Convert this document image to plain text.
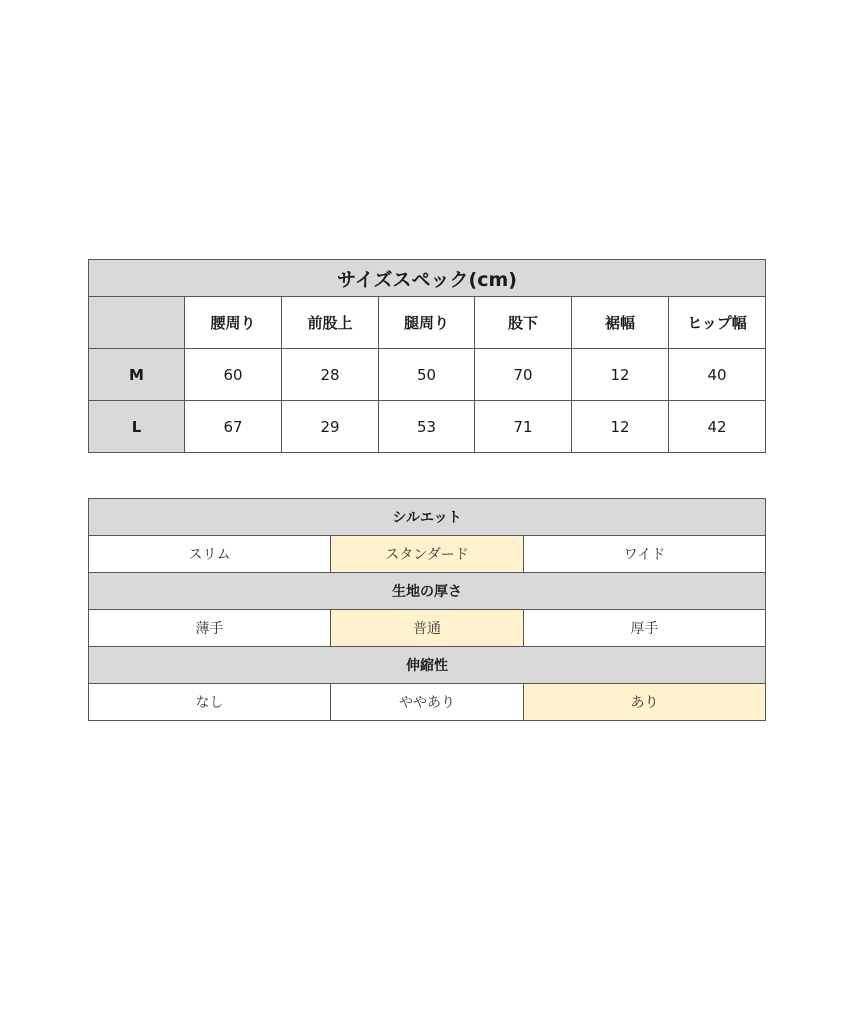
サイズスペック(cm)						
	腰周り	前股上	腿周り	股下	裾幅	ヒップ幅
M	60	28	50	70	12	40
L	67	29	53	71	12	42
シルエット		
スリム	スタンダード	ワイド
生地の厚さ		
薄手	普通	厚手
伸縮性		
なし	ややあり	あり
